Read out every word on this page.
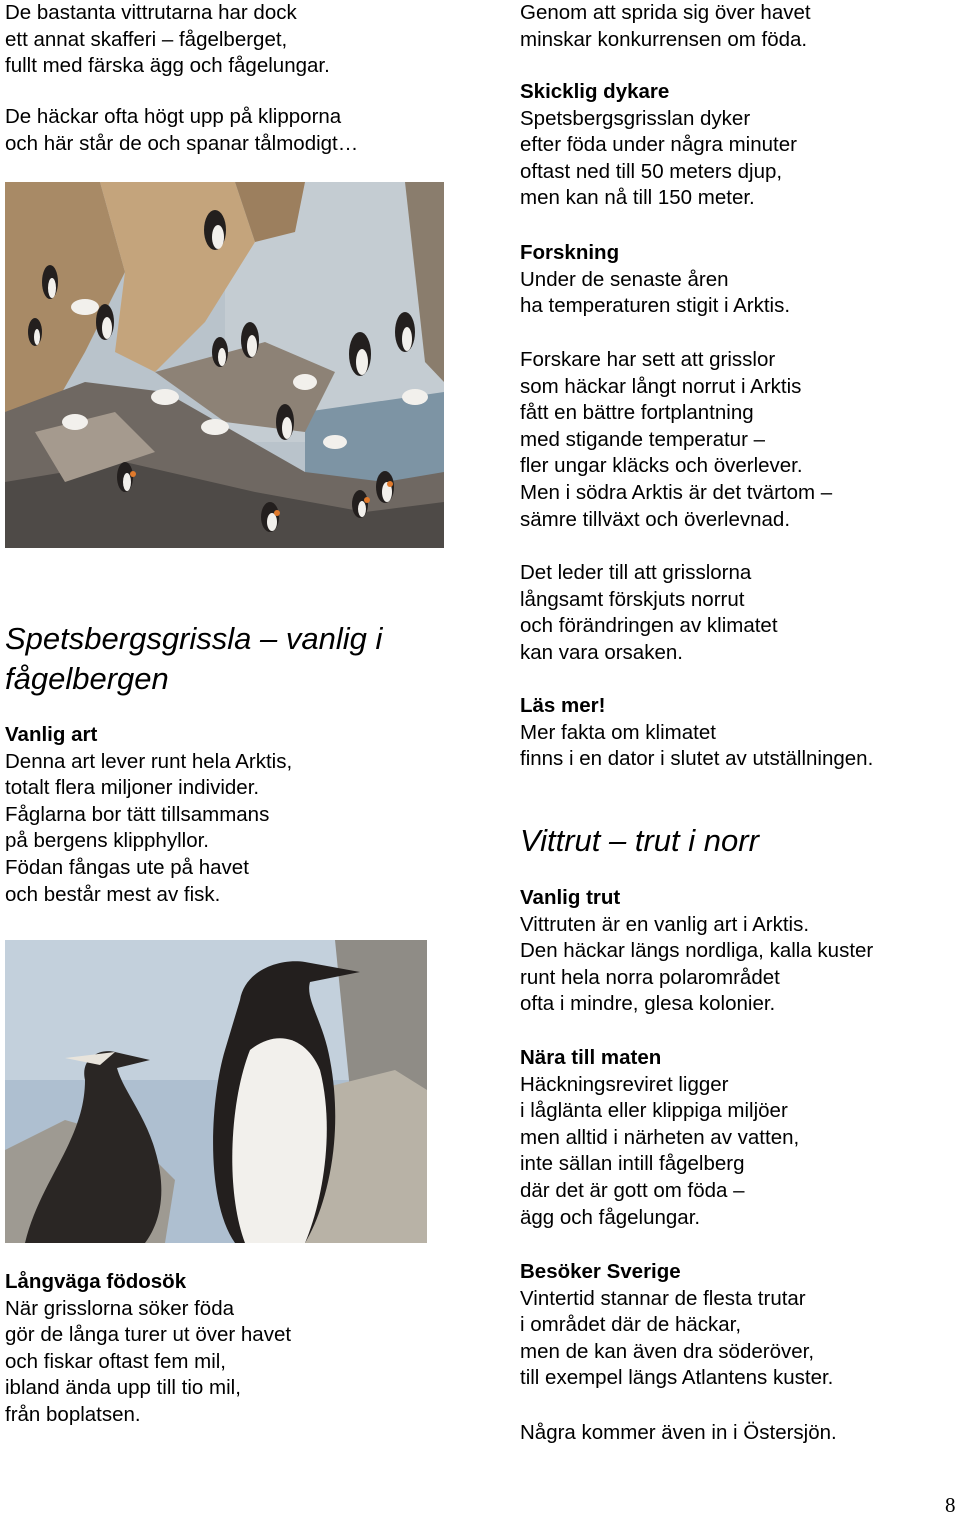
De bastanta vittrutarna har dock
ett annat skafferi – fågelberget,
fullt med färska ägg och fågelungar.

De häckar ofta högt upp på klipporna
och här står de och spanar tålmodigt…

Spetsbergsgrissla – vanlig i
fågelbergen

Vanlig art
Denna art lever runt hela Arktis,
totalt flera miljoner individer.
Fåglarna bor tätt tillsammans
på bergens klipphyllor.
Födan fångas ute på havet
och består mest av fisk.

Långväga födosök
När grisslorna söker föda
gör de långa turer ut över havet
och fiskar oftast fem mil,
ibland ända upp till tio mil,
från boplatsen.

Genom att sprida sig över havet
minskar konkurrensen om föda.

Skicklig dykare
Spetsbergsgrisslan dyker
efter föda under några minuter
oftast ned till 50 meters djup,
men kan nå till 150 meter.

Forskning
Under de senaste åren
ha temperaturen stigit i Arktis.

Forskare har sett att grisslor
som häckar långt norrut i Arktis
fått en bättre fortplantning
med stigande temperatur –
fler ungar kläcks och överlever.
Men i södra Arktis är det tvärtom –
sämre tillväxt och överlevnad.

Det leder till att grisslorna
långsamt förskjuts norrut
och förändringen av klimatet
kan vara orsaken.

Läs mer!
Mer fakta om klimatet
finns i en dator i slutet av utställningen.

Vittrut – trut i norr

Vanlig trut
Vittruten är en vanlig art i Arktis.
Den häckar längs nordliga, kalla kuster
runt hela norra polarområdet
ofta i mindre, glesa kolonier.

Nära till maten
Häckningsreviret ligger
i låglänta eller klippiga miljöer
men alltid i närheten av vatten,
inte sällan intill fågelberg
där det är gott om föda –
ägg och fågelungar.

Besöker Sverige
Vintertid stannar de flesta trutar
i området där de häckar,
men de kan även dra söderöver,
till exempel längs Atlantens kuster.

Några kommer även in i Östersjön.

8
